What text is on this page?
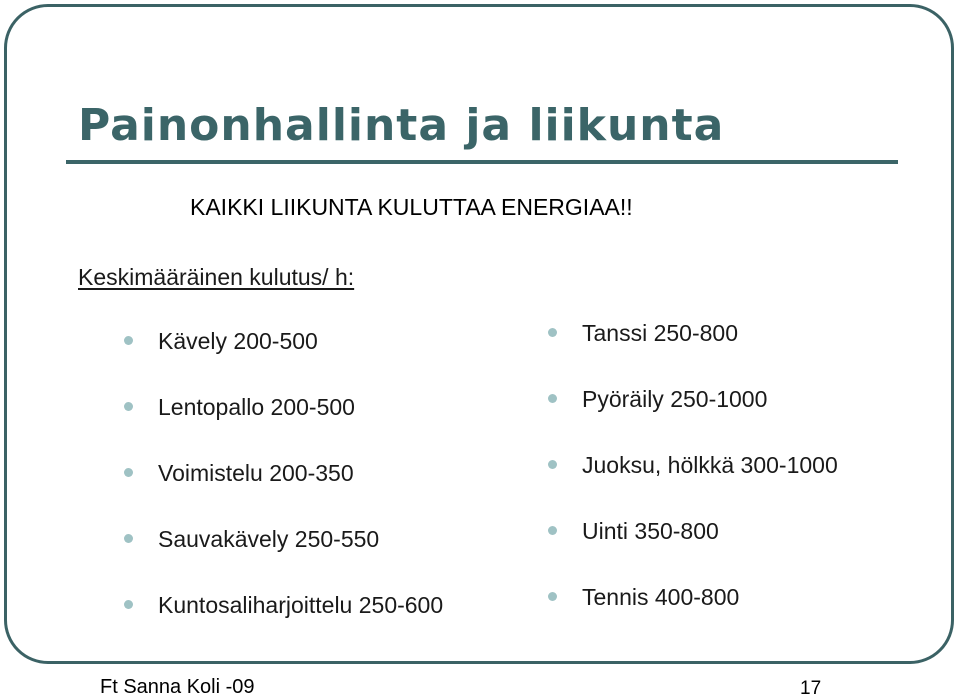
Painonhallinta ja liikunta
KAIKKI LIIKUNTA KULUTTAA ENERGIAA!!
Keskimääräinen kulutus/ h:
Kävely 200-500
Lentopallo 200-500
Voimistelu 200-350
Sauvakävely 250-550
Kuntosaliharjoittelu 250-600
Tanssi 250-800
Pyöräily 250-1000
Juoksu, hölkkä 300-1000
Uinti 350-800
Tennis 400-800
Ft Sanna Koli -09	17
